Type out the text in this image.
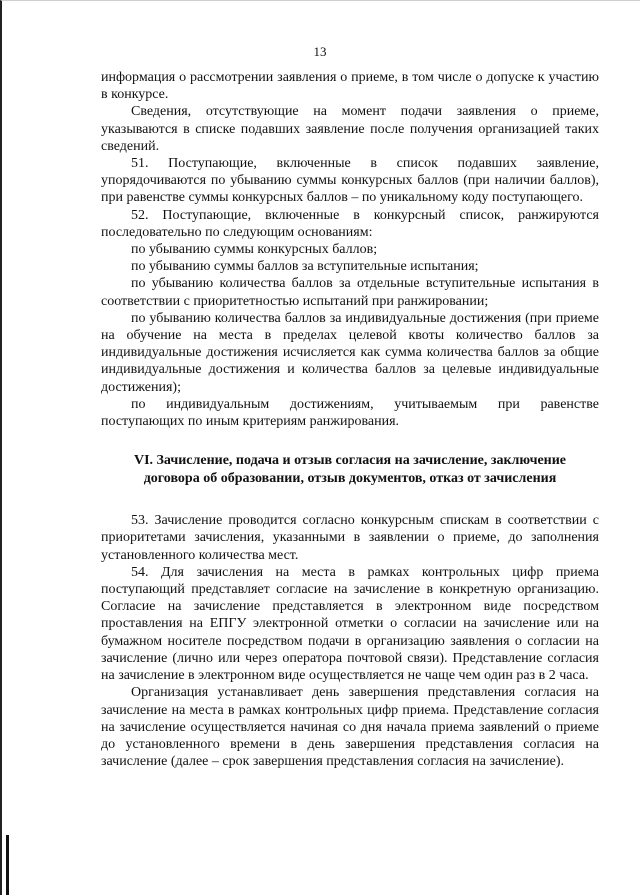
13

информация о рассмотрении заявления о приеме, в том числе о допуске к участию в конкурсе.

Сведения, отсутствующие на момент подачи заявления о приеме, указываются в списке подавших заявление после получения организацией таких сведений.

51. Поступающие, включенные в список подавших заявление, упорядочиваются по убыванию суммы конкурсных баллов (при наличии баллов), при равенстве суммы конкурсных баллов – по уникальному коду поступающего.

52. Поступающие, включенные в конкурсный список, ранжируются последовательно по следующим основаниям:

по убыванию суммы конкурсных баллов;

по убыванию суммы баллов за вступительные испытания;

по убыванию количества баллов за отдельные вступительные испытания в соответствии с приоритетностью испытаний при ранжировании;

по убыванию количества баллов за индивидуальные достижения (при приеме на обучение на места в пределах целевой квоты количество баллов за индивидуальные достижения исчисляется как сумма количества баллов за общие индивидуальные достижения и количества баллов за целевые индивидуальные достижения);

по индивидуальным достижениям, учитываемым при равенстве поступающих по иным критериям ранжирования.

VI. Зачисление, подача и отзыв согласия на зачисление, заключение договора об образовании, отзыв документов, отказ от зачисления

53. Зачисление проводится согласно конкурсным спискам в соответствии с приоритетами зачисления, указанными в заявлении о приеме, до заполнения установленного количества мест.

54. Для зачисления на места в рамках контрольных цифр приема поступающий представляет согласие на зачисление в конкретную организацию. Согласие на зачисление представляется в электронном виде посредством проставления на ЕПГУ электронной отметки о согласии на зачисление или на бумажном носителе посредством подачи в организацию заявления о согласии на зачисление (лично или через оператора почтовой связи). Представление согласия на зачисление в электронном виде осуществляется не чаще чем один раз в 2 часа.

Организация устанавливает день завершения представления согласия на зачисление на места в рамках контрольных цифр приема. Представление согласия на зачисление осуществляется начиная со дня начала приема заявлений о приеме до установленного времени в день завершения представления согласия на зачисление (далее – срок завершения представления согласия на зачисление).
